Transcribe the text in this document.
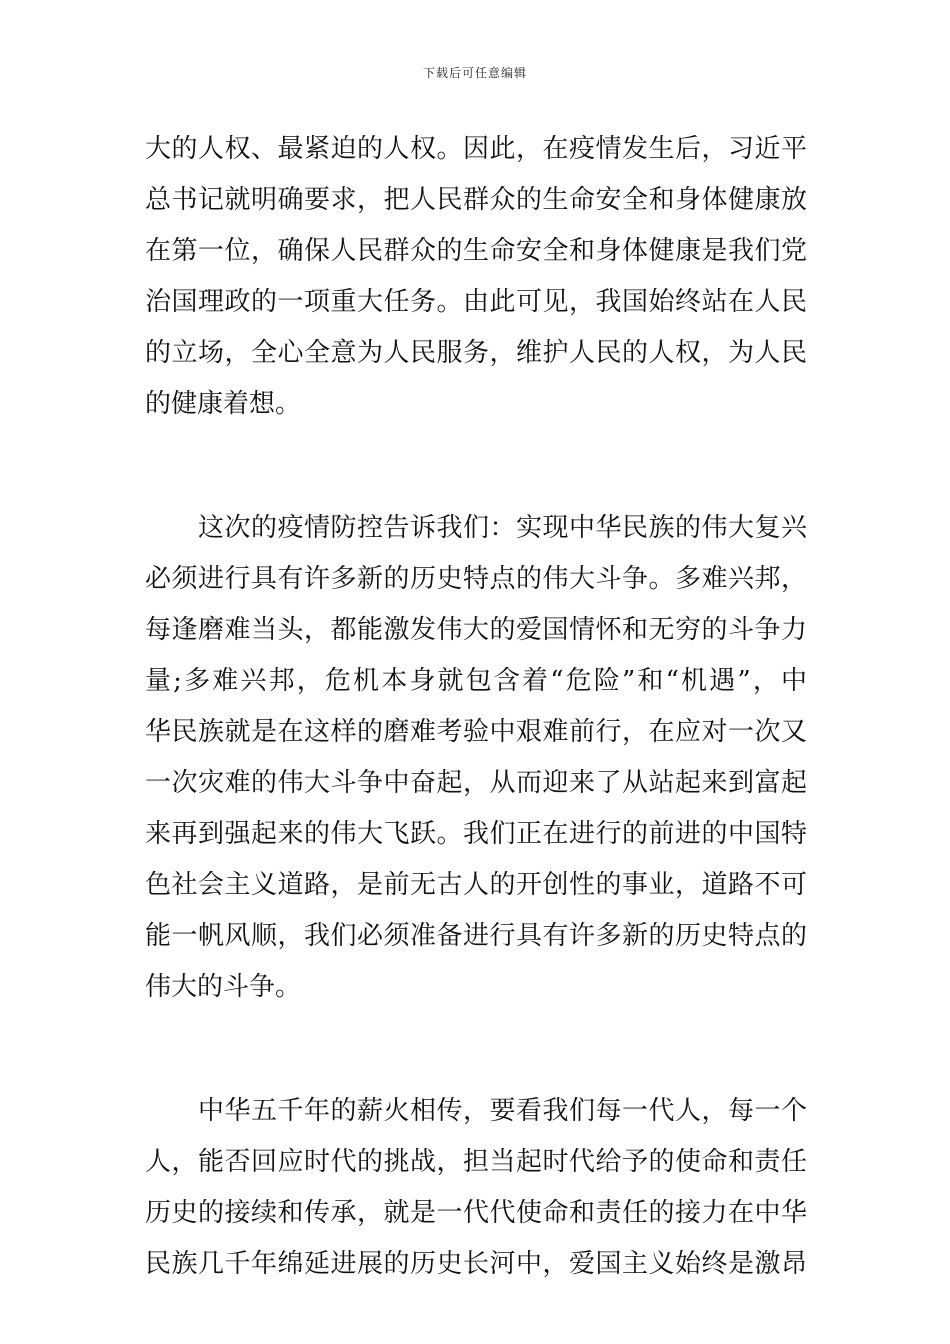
下载后可任意编辑
大的人权、最紧迫的人权。因此，在疫情发生后，习近平
总书记就明确要求，把人民群众的生命安全和身体健康放
在第一位，确保人民群众的生命安全和身体健康是我们党
治国理政的一项重大任务。由此可见，我国始终站在人民
的立场，全心全意为人民服务，维护人民的人权，为人民
的健康着想。
　　这次的疫情防控告诉我们：实现中华民族的伟大复兴
必须进行具有许多新的历史特点的伟大斗争。多难兴邦，
每逢磨难当头，都能激发伟大的爱国情怀和无穷的斗争力
量;多难兴邦，危机本身就包含着“危险”和“机遇”，中
华民族就是在这样的磨难考验中艰难前行，在应对一次又
一次灾难的伟大斗争中奋起，从而迎来了从站起来到富起
来再到强起来的伟大飞跃。我们正在进行的前进的中国特
色社会主义道路，是前无古人的开创性的事业，道路不可
能一帆风顺，我们必须准备进行具有许多新的历史特点的
伟大的斗争。
　　中华五千年的薪火相传，要看我们每一代人，每一个
人，能否回应时代的挑战，担当起时代给予的使命和责任
历史的接续和传承，就是一代代使命和责任的接力在中华
民族几千年绵延进展的历史长河中，爱国主义始终是激昂
